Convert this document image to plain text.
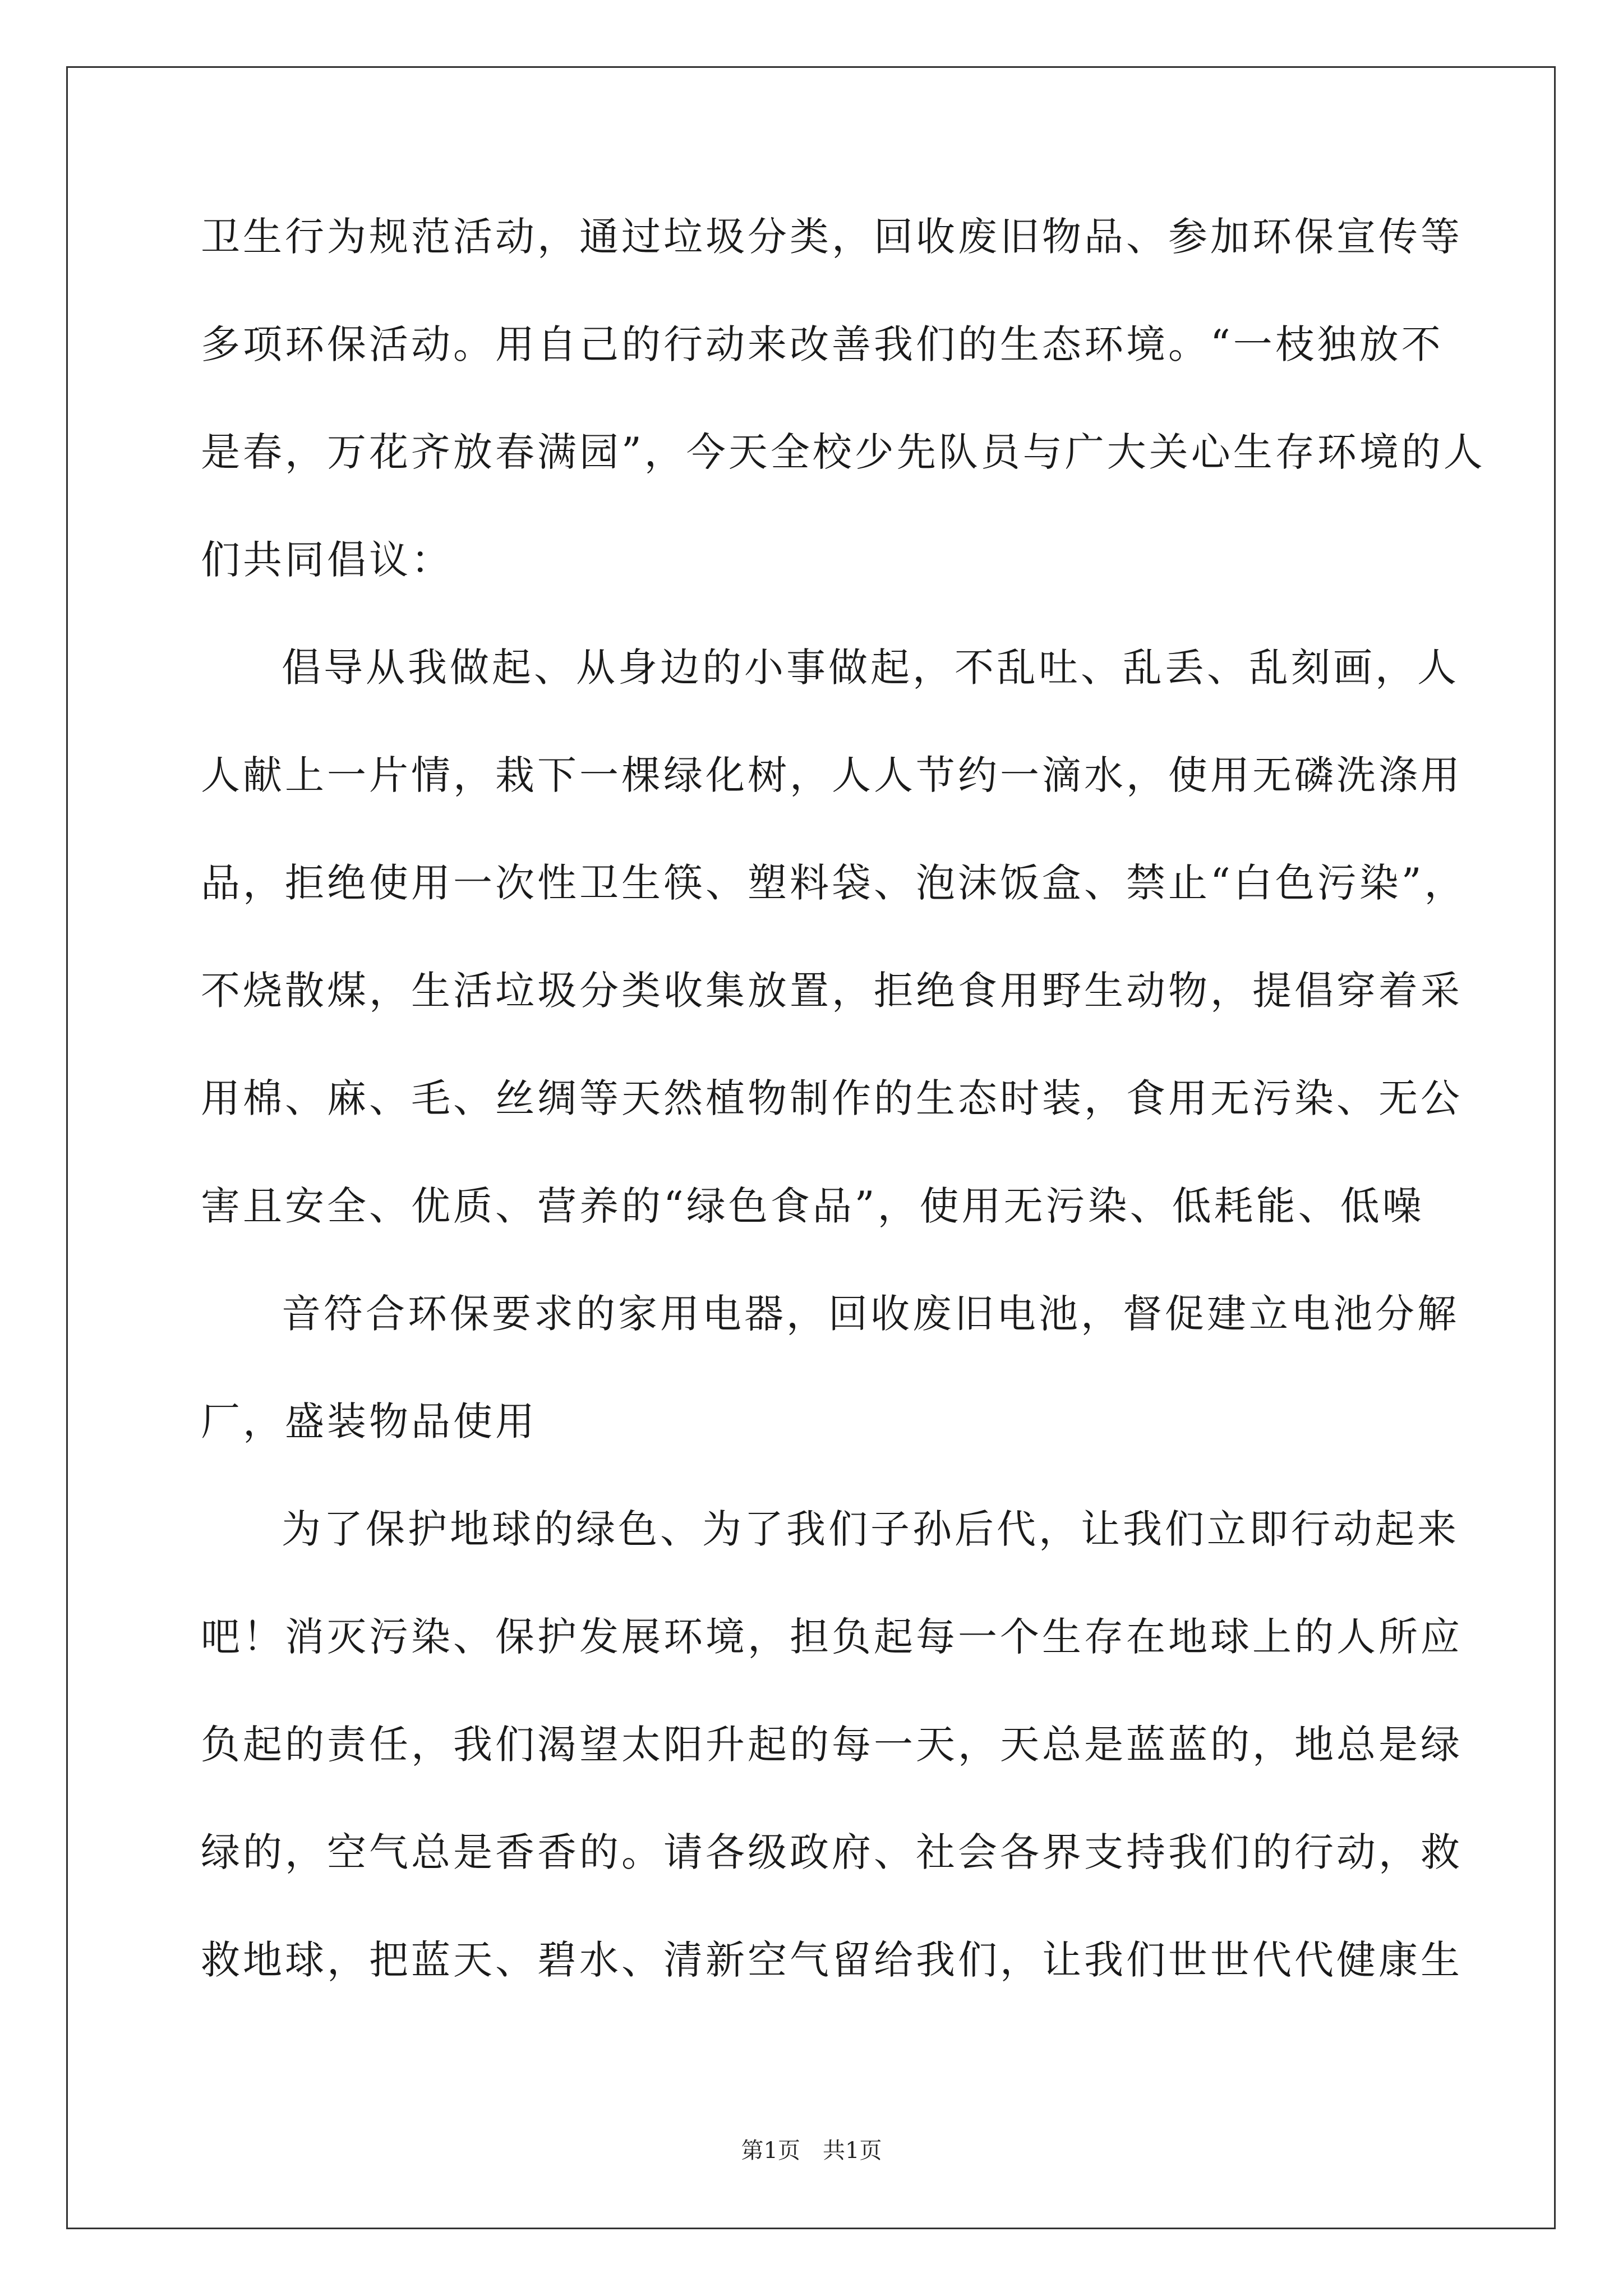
卫生行为规范活动，通过垃圾分类，回收废旧物品、参加环保宣传等
多项环保活动。用自己的行动来改善我们的生态环境。“一枝独放不
是春，万花齐放春满园”，今天全校少先队员与广大关心生存环境的人
们共同倡议：
倡导从我做起、从身边的小事做起，不乱吐、乱丢、乱刻画，人
人献上一片情，栽下一棵绿化树，人人节约一滴水，使用无磷洗涤用
品，拒绝使用一次性卫生筷、塑料袋、泡沫饭盒、禁止“白色污染”，
不烧散煤，生活垃圾分类收集放置，拒绝食用野生动物，提倡穿着采
用棉、麻、毛、丝绸等天然植物制作的生态时装，食用无污染、无公
害且安全、优质、营养的“绿色食品”，使用无污染、低耗能、低噪
音符合环保要求的家用电器，回收废旧电池，督促建立电池分解
厂，盛装物品使用
为了保护地球的绿色、为了我们子孙后代，让我们立即行动起来
吧！消灭污染、保护发展环境，担负起每一个生存在地球上的人所应
负起的责任，我们渴望太阳升起的每一天，天总是蓝蓝的，地总是绿
绿的，空气总是香香的。请各级政府、社会各界支持我们的行动，救
救地球，把蓝天、碧水、清新空气留给我们，让我们世世代代健康生
第1页 共1页
